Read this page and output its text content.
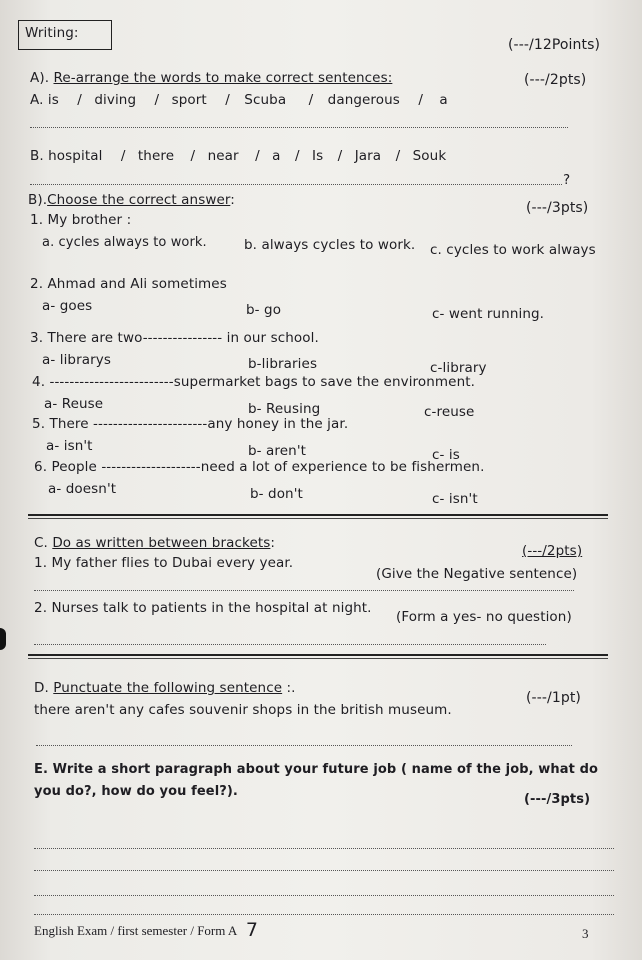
Writing:
(---/12Points)
A). Re-arrange the words to make correct sentences:	(---/2pts)
A. is / diving / sport / Scuba / dangerous / a
B. hospital / there / near / a / Is / Jara / Souk
?
B).Choose the correct answer:	(---/3pts)
1. My brother :
a. cycles always to work.	b. always cycles to work. c. cycles to work always
2. Ahmad and Ali sometimes
a- goes	b- go	c- went running.
3. There are two---------------- in our school.
a- librarys	b-libraries	c-library
4. -------------------------supermarket bags to save the environment.
a- Reuse	b- Reusing	c-reuse
5. There -----------------------any honey in the jar.
a- isn't	b- aren't	c- is
6. People --------------------need a lot of experience to be fishermen.
a- doesn't	b- don't	c- isn't
C. Do as written between brackets:	(---/2pts)
1. My father flies to Dubai every year.
(Give the Negative sentence)
2. Nurses talk to patients in the hospital at night.
(Form a yes- no question)
D. Punctuate the following sentence :.
(---/1pt)
there aren't any cafes souvenir shops in the british museum.
E. Write a short paragraph about your future job ( name of the job, what do
you do?, how do you feel?).
(---/3pts)
English Exam / first semester / Form A 7	3
